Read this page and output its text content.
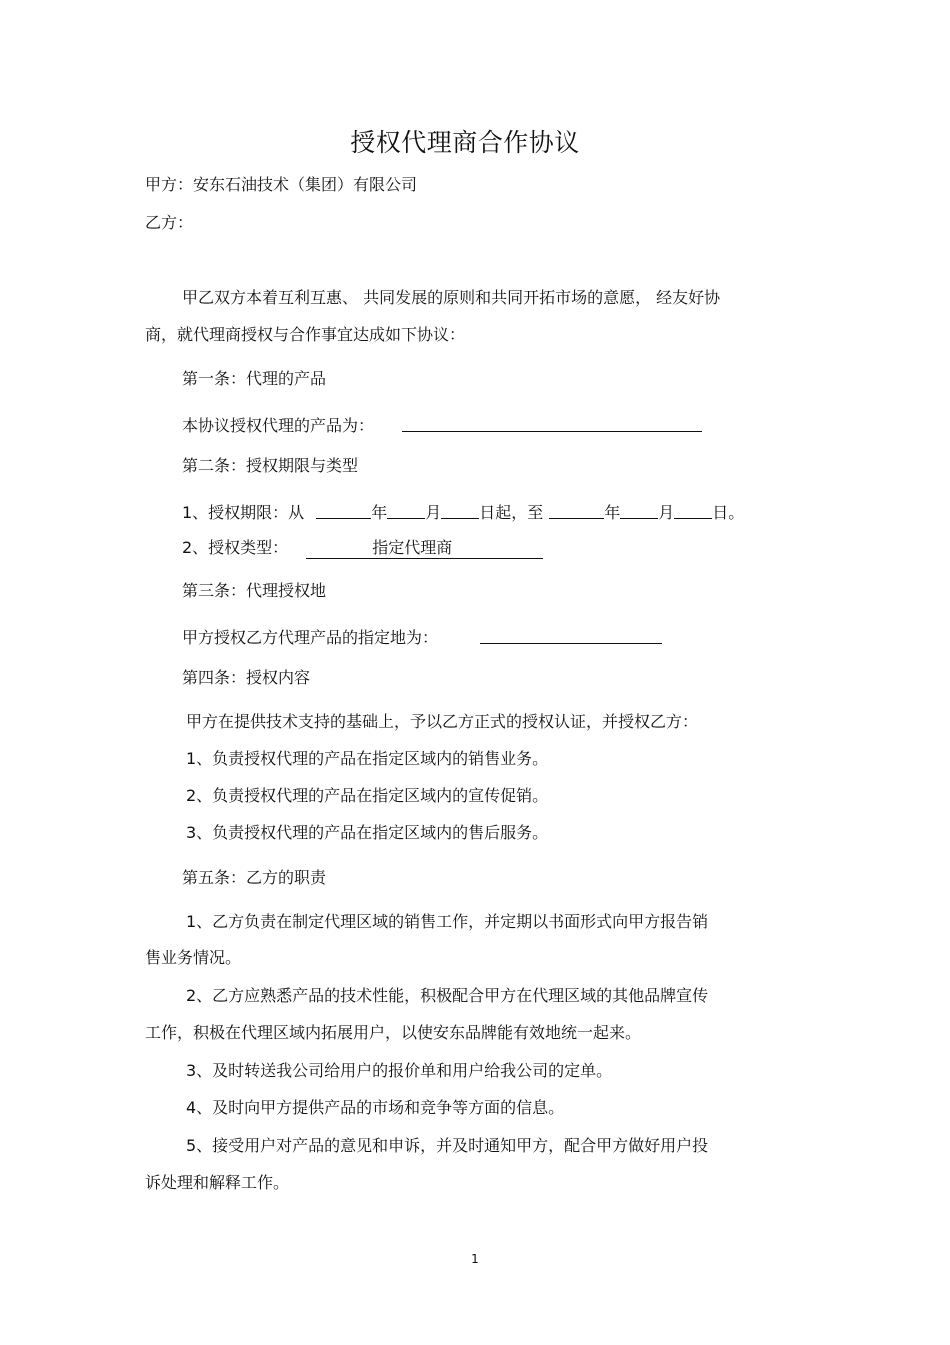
授权代理商合作协议
甲方：安东石油技术（集团）有限公司
乙方：
甲乙双方本着互利互惠、 共同发展的原则和共同开拓市场的意愿， 经友好协
商，就代理商授权与合作事宜达成如下协议：
第一条：代理的产品
本协议授权代理的产品为：
第二条：授权期限与类型
1、授权期限：从	年 月 日起，至	年 月 日。
2、授权类型：	指定代理商
第三条：代理授权地
甲方授权乙方代理产品的指定地为：
第四条：授权内容
甲方在提供技术支持的基础上，予以乙方正式的授权认证，并授权乙方：
1、负责授权代理的产品在指定区域内的销售业务。
2、负责授权代理的产品在指定区域内的宣传促销。
3、负责授权代理的产品在指定区域内的售后服务。
第五条：乙方的职责
1、乙方负责在制定代理区域的销售工作，并定期以书面形式向甲方报告销
售业务情况。
2、乙方应熟悉产品的技术性能，积极配合甲方在代理区域的其他品牌宣传
工作，积极在代理区域内拓展用户，以使安东品牌能有效地统一起来。
3、及时转送我公司给用户的报价单和用户给我公司的定单。
4、及时向甲方提供产品的市场和竞争等方面的信息。
5、接受用户对产品的意见和申诉，并及时通知甲方，配合甲方做好用户投
诉处理和解释工作。
1
